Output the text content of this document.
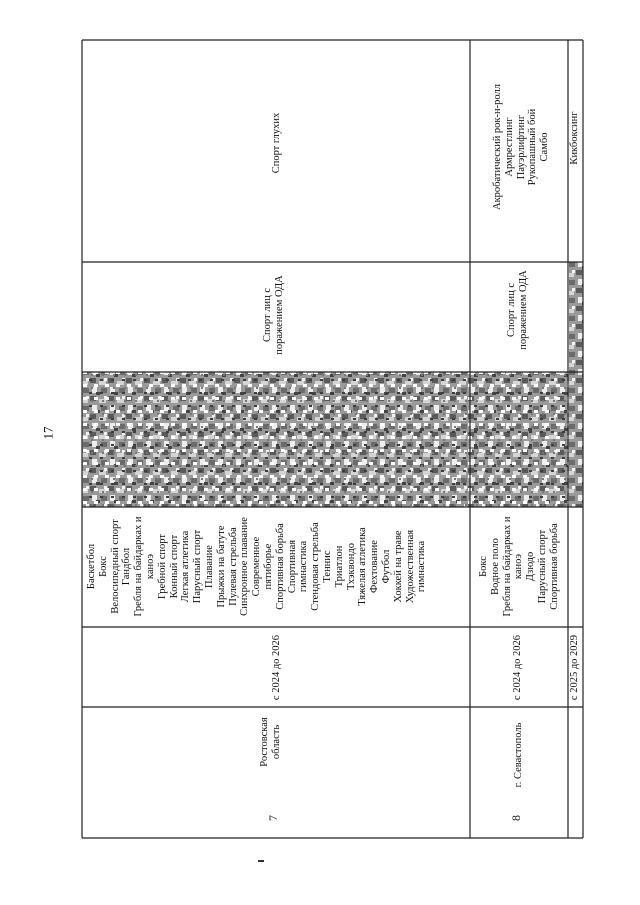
17
7
Ростовская область
с 2024 до 2026
Баскетбол Бокс Велосипедный спорт Гандбол Гребля на байдарках и каноэ Гребной спорт Конный спорт Легкая атлетика Парусный спорт Плавание Прыжки на батуте Пулевая стрельба Синхронное плавание Современное пятиборье Спортивная борьба Спортивная гимнастика Стендовая стрельба Теннис Триатлон Тхэквондо Тяжелая атлетика Фехтование Футбол Хоккей на траве Художественная гимнастика
Спорт лиц с поражением ОДА
Спорт глухих
8
г. Севастополь
с 2024 до 2026
Бокс Водное поло Гребля на байдарках и каноэ Дзюдо Парусный спорт Спортивная борьба
Спорт лиц с поражением ОДА
Акробатический рок-н-ролл Армрестлинг Пауэрлифтинг Рукопашный бой Самбо
с 2025 до 2029
Кикбоксинг
